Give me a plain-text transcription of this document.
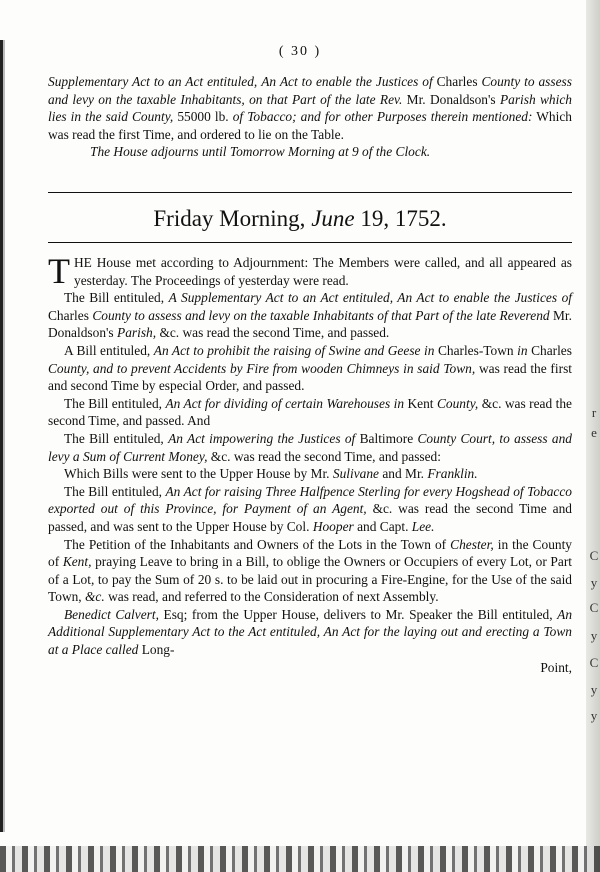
C
y
C
y
C
y
y
r
e
( 30 )

Supplementary Act to an Act entituled, An Act to enable the Justices of Charles County to assess and levy on the taxable Inhabitants, on that Part of the late Rev. Mr. Donaldson's Parish which lies in the said County, 55000 lb. of Tobacco; and for other Purposes therein mentioned: Which was read the first Time, and ordered to lie on the Table.

The House adjourns until Tomorrow Morning at 9 of the Clock.

Friday Morning, June 19, 1752.

T HE House met according to Adjournment: The Members were called, and all appeared as yesterday. The Proceedings of yesterday were read.

The Bill entituled, A Supplementary Act to an Act entituled, An Act to enable the Justices of Charles County to assess and levy on the taxable Inhabitants of that Part of the late Reverend Mr. Donaldson's Parish, &c. was read the second Time, and passed.

A Bill entituled, An Act to prohibit the raising of Swine and Geese in Charles-Town in Charles County, and to prevent Accidents by Fire from wooden Chimneys in said Town, was read the first and second Time by especial Order, and passed.

The Bill entituled, An Act for dividing of certain Warehouses in Kent County, &c. was read the second Time, and passed. And

The Bill entituled, An Act impowering the Justices of Baltimore County Court, to assess and levy a Sum of Current Money, &c. was read the second Time, and passed:

Which Bills were sent to the Upper House by Mr. Sulivane and Mr. Franklin.

The Bill entituled, An Act for raising Three Halfpence Sterling for every Hogshead of Tobacco exported out of this Province, for Payment of an Agent, &c. was read the second Time and passed, and was sent to the Upper House by Col. Hooper and Capt. Lee.

The Petition of the Inhabitants and Owners of the Lots in the Town of Chester, in the County of Kent, praying Leave to bring in a Bill, to oblige the Owners or Occupiers of every Lot, or Part of a Lot, to pay the Sum of 20 s. to be laid out in procuring a Fire-Engine, for the Use of the said Town, &c. was read, and referred to the Consideration of next Assembly.

Benedict Calvert, Esq; from the Upper House, delivers to Mr. Speaker the Bill entituled, An Additional Supplementary Act to the Act entituled, An Act for the laying out and erecting a Town at a Place called Long-

Point,
